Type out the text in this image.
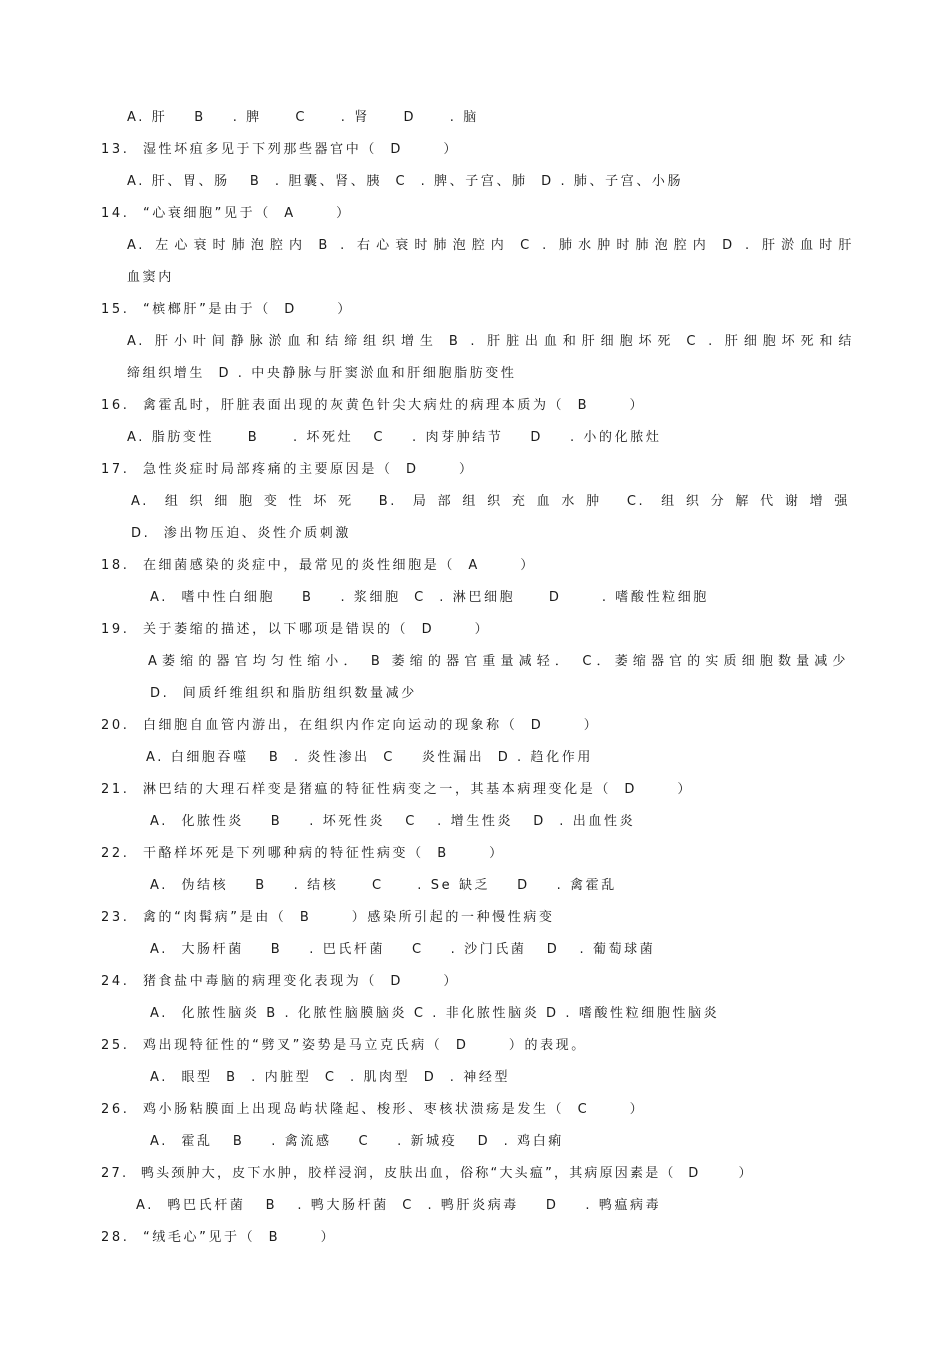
A. 肝    B    . 脾     C     . 肾     D     . 脑
13.  湿性坏疽多见于下列那些器官中（  D      ）
A. 肝、胃、肠   B  . 胆囊、肾、胰  C  . 脾、子宫、肺  D . 肺、子宫、小肠
14.  “心衰细胞”见于（  A      ）
A. 左心衰时肺泡腔内 B . 右心衰时肺泡腔内 C . 肺水肿时肺泡腔内 D . 肝淤血时肝
血窦内
15.  “槟榔肝”是由于（  D      ）
A. 肝小叶间静脉淤血和结缔组织增生 B . 肝脏出血和肝细胞坏死 C . 肝细胞坏死和结
缔组织增生  D . 中央静脉与肝窦淤血和肝细胞脂肪变性
16.  禽霍乱时，肝脏表面出现的灰黄色针尖大病灶的病理本质为（  B      ）
A. 脂肪变性     B     . 坏死灶   C    . 肉芽肿结节    D    . 小的化脓灶
17.  急性炎症时局部疼痛的主要原因是（  D      ）
A. 组织细胞变性坏死 B. 局部组织充血水肿 C. 组织分解代谢增强
D.  渗出物压迫、炎性介质刺激
18.  在细菌感染的炎症中，最常见的炎性细胞是（  A      ）
A.  嗜中性白细胞    B    . 浆细胞  C  . 淋巴细胞     D      . 嗜酸性粒细胞
19.  关于萎缩的描述，以下哪项是错误的（  D      ）
A萎缩的器官均匀性缩小． B 萎缩的器官重量减轻． C．萎缩器官的实质细胞数量减少
D.  间质纤维组织和脂肪组织数量减少
20.  白细胞自血管内游出，在组织内作定向运动的现象称（  D      ）
A. 白细胞吞噬   B  . 炎性渗出  C    炎性漏出  D . 趋化作用
21.  淋巴结的大理石样变是猪瘟的特征性病变之一，其基本病理变化是（  D      ）
A.  化脓性炎    B    . 坏死性炎   C   . 增生性炎   D  . 出血性炎
22.  干酪样坏死是下列哪种病的特征性病变（  B      ）
A.  伪结核    B    . 结核     C     . Se 缺乏    D    . 禽霍乱
23.  禽的“肉髯病”是由（  B      ）感染所引起的一种慢性病变
A.  大肠杆菌    B    . 巴氏杆菌    C    . 沙门氏菌   D   . 葡萄球菌
24.  猪食盐中毒脑的病理变化表现为（  D      ）
A.  化脓性脑炎 B . 化脓性脑膜脑炎 C . 非化脓性脑炎 D . 嗜酸性粒细胞性脑炎
25.  鸡出现特征性的“劈叉”姿势是马立克氏病（  D      ）的表现。
A.  眼型  B  . 内脏型  C  . 肌肉型  D  . 神经型
26.  鸡小肠粘膜面上出现岛屿状隆起、梭形、枣核状溃疡是发生（  C      ）
A.  霍乱   B    . 禽流感    C    . 新城疫   D  . 鸡白痢
27.  鸭头颈肿大，皮下水肿，胶样浸润，皮肤出血，俗称“大头瘟”，其病原因素是（  D      ）
A.  鸭巴氏杆菌   B   . 鸭大肠杆菌  C  . 鸭肝炎病毒    D    . 鸭瘟病毒
28.  “绒毛心”见于（  B      ）
